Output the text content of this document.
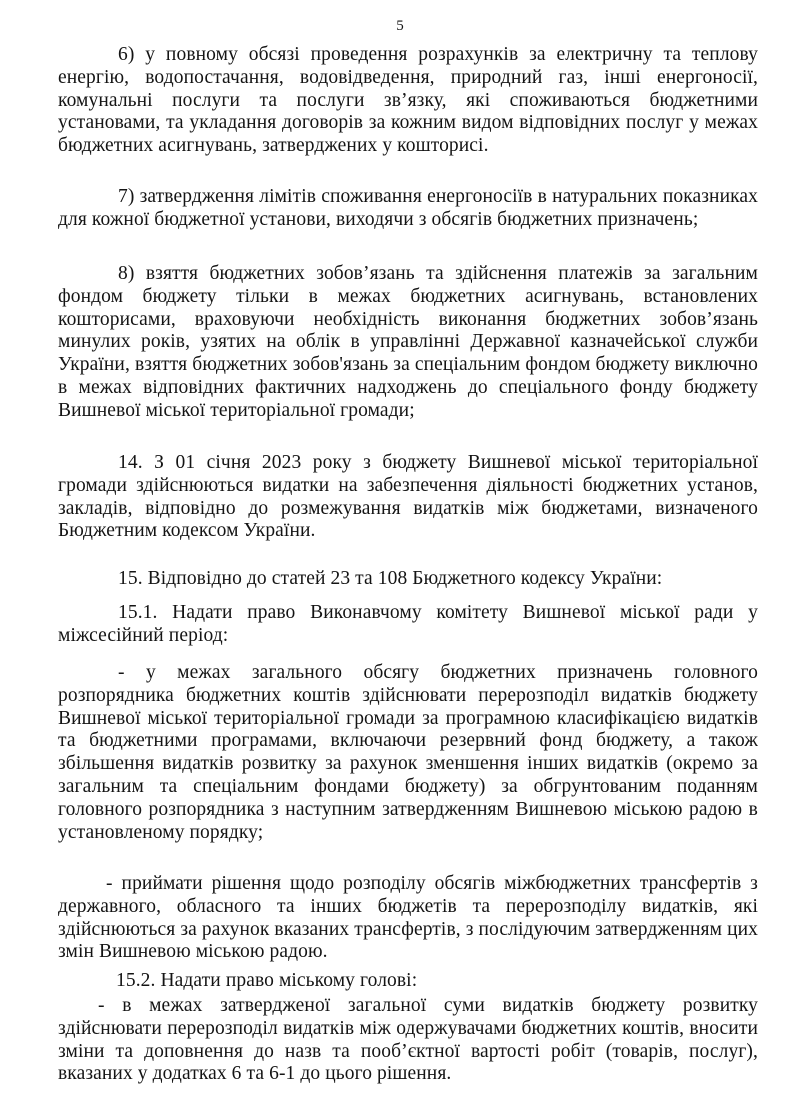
5
6) у повному обсязі проведення розрахунків за електричну та теплову енергію, водопостачання, водовідведення, природний газ, інші енергоносії, комунальні послуги та послуги зв’язку, які споживаються бюджетними установами, та укладання договорів за кожним видом відповідних послуг у межах бюджетних асигнувань, затверджених у кошторисі.
7) затвердження лімітів споживання енергоносіїв в натуральних показниках для кожної бюджетної установи, виходячи з обсягів бюджетних призначень;
8) взяття бюджетних зобов’язань та здійснення платежів за загальним фондом бюджету тільки в межах бюджетних асигнувань, встановлених кошторисами, враховуючи необхідність виконання бюджетних зобов’язань минулих років, узятих на облік в управлінні Державної казначейської служби України, взяття бюджетних зобов'язань за спеціальним фондом бюджету виключно в межах відповідних фактичних надходжень до спеціального фонду бюджету Вишневої міської територіальної громади;
14. З 01 січня 2023 року з бюджету Вишневої міської територіальної громади здійснюються видатки на забезпечення діяльності бюджетних установ, закладів, відповідно до розмежування видатків між бюджетами, визначеного Бюджетним кодексом України.
15. Відповідно до статей 23 та 108 Бюджетного кодексу України:
15.1. Надати право Виконавчому комітету Вишневої міської ради у міжсесійний період:
- у межах загального обсягу бюджетних призначень головного розпорядника бюджетних коштів здійснювати перерозподіл видатків бюджету Вишневої міської територіальної громади за програмною класифікацією видатків та бюджетними програмами, включаючи резервний фонд бюджету, а також збільшення видатків розвитку за рахунок зменшення інших видатків (окремо за загальним та спеціальним фондами бюджету) за обгрунтованим поданням головного розпорядника з наступним затвердженням Вишневою міською радою в установленому порядку;
- приймати рішення щодо розподілу обсягів міжбюджетних трансфертів з державного, обласного та інших бюджетів та перерозподілу видатків, які здійснюються за рахунок вказаних трансфертів, з послідуючим затвердженням цих змін Вишневою міською радою.
15.2. Надати право міському голові:
- в межах затвердженої загальної суми видатків бюджету розвитку здійснювати перерозподіл видатків між одержувачами бюджетних коштів, вносити зміни та доповнення до назв та пооб’єктної вартості робіт (товарів, послуг), вказаних у додатках 6 та 6-1 до цього рішення.
